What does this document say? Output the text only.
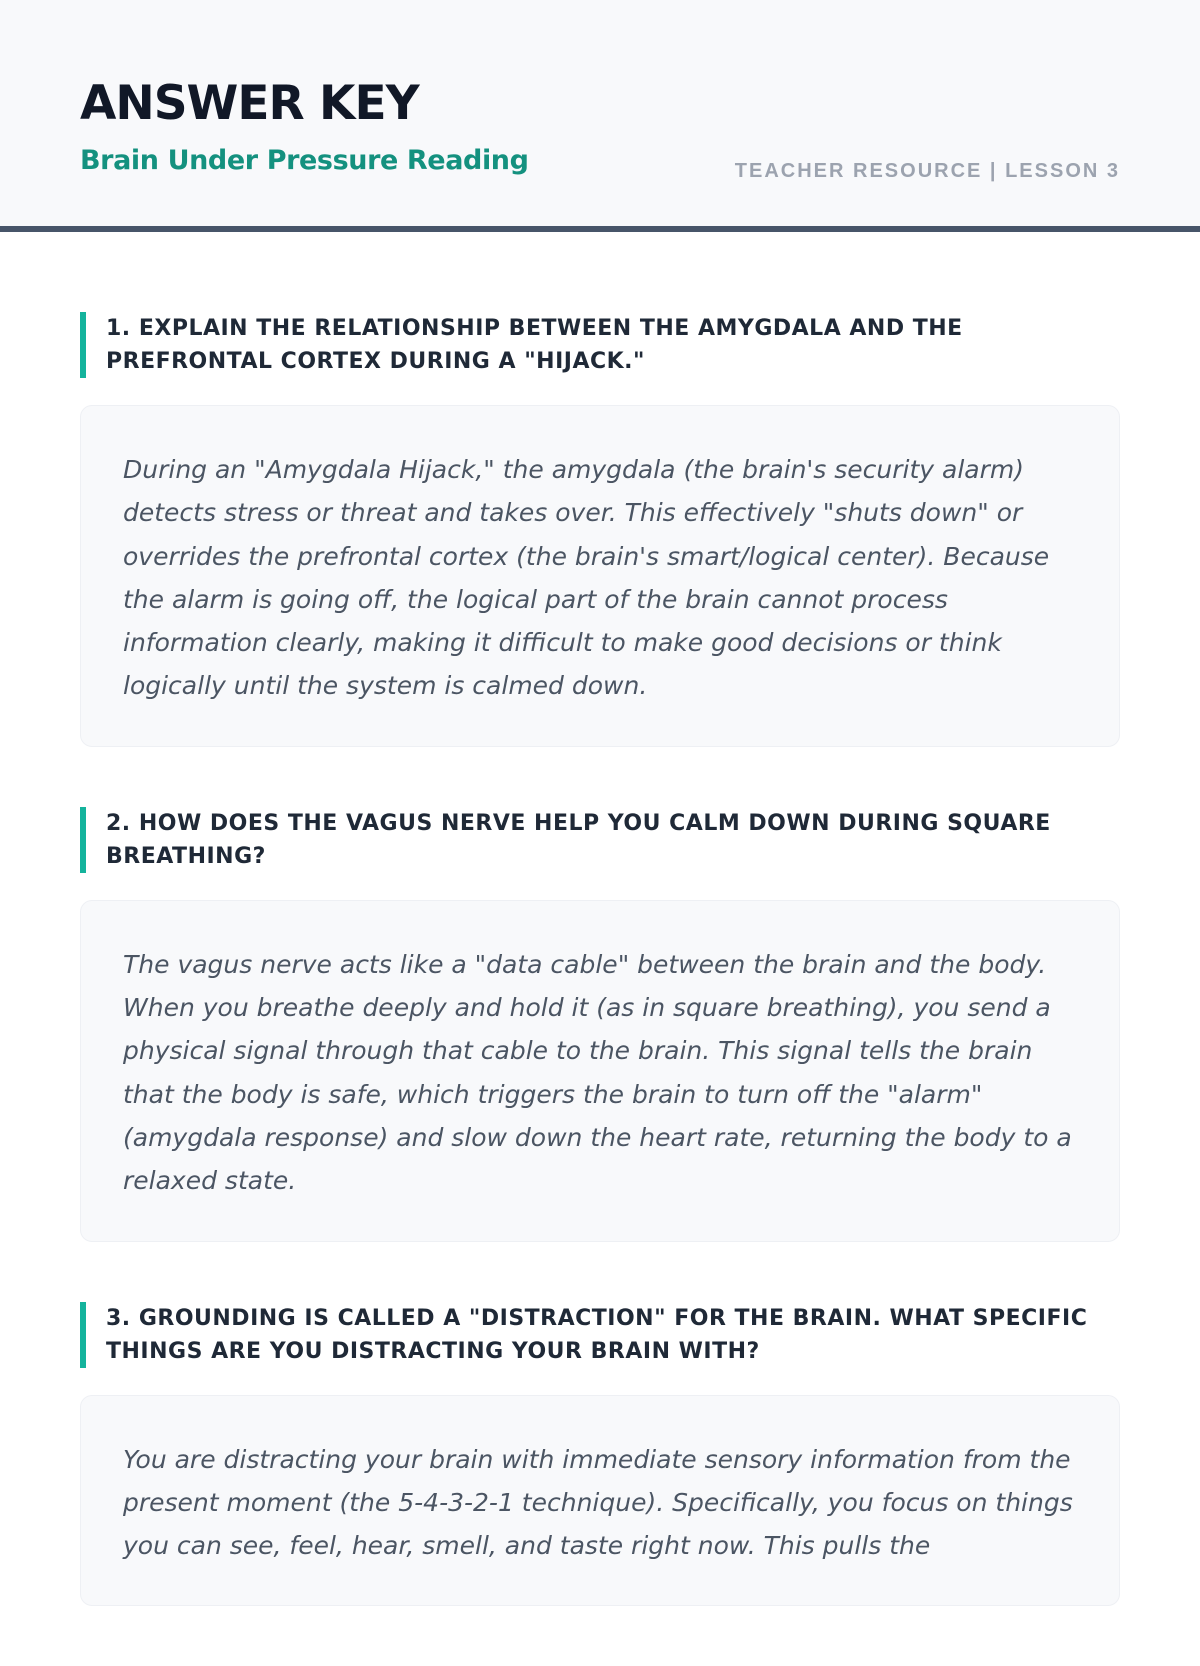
ANSWER KEY
Brain Under Pressure Reading	TEACHER RESOURCE | LESSON 3
1. EXPLAIN THE RELATIONSHIP BETWEEN THE AMYGDALA AND THE PREFRONTAL CORTEX DURING A "HIJACK."
During an "Amygdala Hijack," the amygdala (the brain's security alarm) detects stress or threat and takes over. This effectively "shuts down" or overrides the prefrontal cortex (the brain's smart/logical center). Because the alarm is going off, the logical part of the brain cannot process information clearly, making it difficult to make good decisions or think logically until the system is calmed down.
2. HOW DOES THE VAGUS NERVE HELP YOU CALM DOWN DURING SQUARE BREATHING?
The vagus nerve acts like a "data cable" between the brain and the body. When you breathe deeply and hold it (as in square breathing), you send a physical signal through that cable to the brain. This signal tells the brain that the body is safe, which triggers the brain to turn off the "alarm" (amygdala response) and slow down the heart rate, returning the body to a relaxed state.
3. GROUNDING IS CALLED A "DISTRACTION" FOR THE BRAIN. WHAT SPECIFIC THINGS ARE YOU DISTRACTING YOUR BRAIN WITH?
You are distracting your brain with immediate sensory information from the present moment (the 5-4-3-2-1 technique). Specifically, you focus on things you can see, feel, hear, smell, and taste right now. This pulls the
